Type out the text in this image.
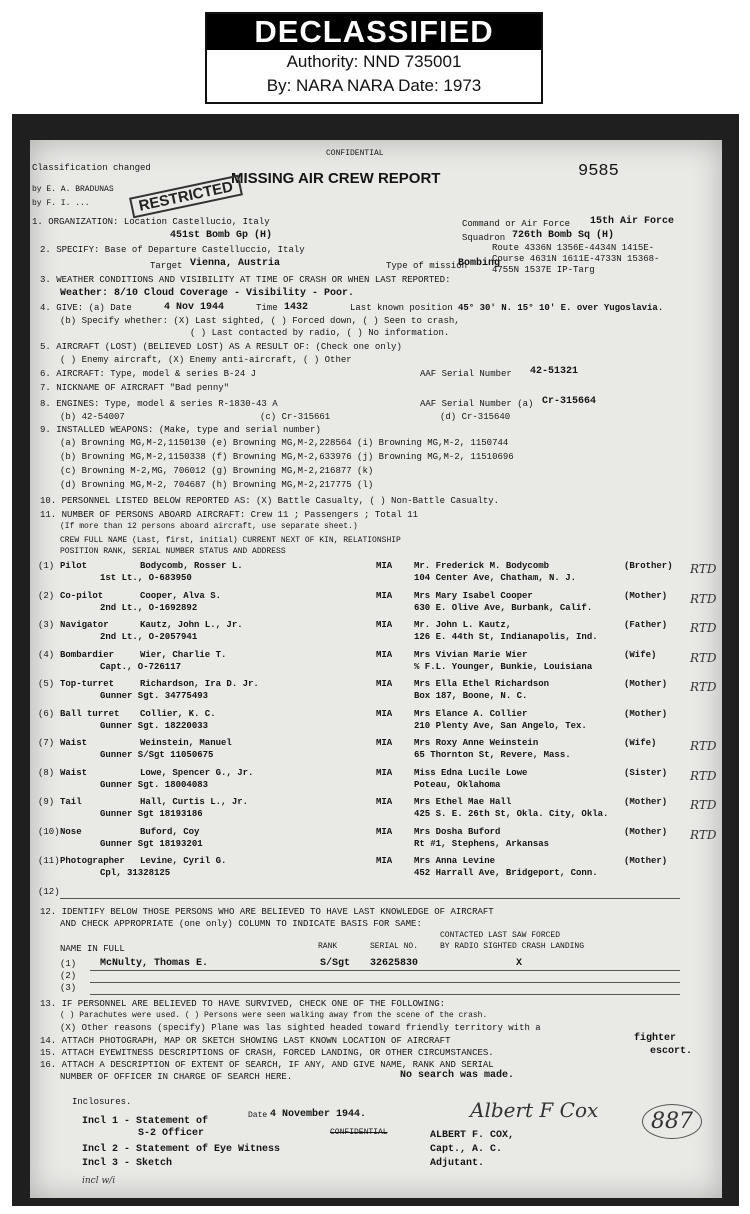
DECLASSIFIED
Authority: NND 735001
By: NARA NARA Date: 1973
CONFIDENTIAL
MISSING AIR CREW REPORT	9585
Classification changed
by E. A. BRADUNAS
by F. I. ...	RESTRICTED
1. ORGANIZATION: Location Castellucio, Italy	Command or Air Force 15th Air Force
451st Bomb Gp (H)	Squadron 726th Bomb Sq (H)
Route 4336N 1356E-4434N 1415E-
Course 4631N 1611E-4733N 15368-
4755N 1537E IP-Targ
2. SPECIFY: Base of Departure Castelluccio, Italy
Target Vienna, Austria	Type of mission
Bombing
3. WEATHER CONDITIONS AND VISIBILITY AT TIME OF CRASH OR WHEN LAST REPORTED:
Weather: 8/10 Cloud Coverage - Visibility - Poor.
4. GIVE: (a) Date	4 Nov 1944	Time 1432	Last known position 45° 30' N. 15° 10' E. over Yugoslavia.
(b) Specify whether: (X) Last sighted, ( ) Forced down, ( ) Seen to crash,
( ) Last contacted by radio, ( ) No information.
5. AIRCRAFT (LOST) (BELIEVED LOST) AS A RESULT OF: (Check one only)
( ) Enemy aircraft, (X) Enemy anti-aircraft, ( ) Other
6. AIRCRAFT: Type, model & series B-24 J	AAF Serial Number 42-51321
7. NICKNAME OF AIRCRAFT "Bad penny"
8. ENGINES: Type, model & series R-1830-43 A	AAF Serial Number (a) Cr-315664
(b) 42-54007	(c) Cr-315661	(d) Cr-315640
9. INSTALLED WEAPONS: (Make, type and serial number)
(a) Browning MG,M-2,1150130 (e) Browning MG,M-2,228564 (i) Browning MG,M-2, 1150744
(b) Browning MG,M-2,1150338 (f) Browning MG,M-2,633976 (j) Browning MG,M-2, 11510696
(c) Browning M-2,MG, 706012 (g) Browning MG,M-2,216877 (k)
(d) Browning MG,M-2, 704687 (h) Browning MG,M-2,217775 (l)
10. PERSONNEL LISTED BELOW REPORTED AS: (X) Battle Casualty, ( ) Non-Battle Casualty.
11. NUMBER OF PERSONS ABOARD AIRCRAFT: Crew 11 ; Passengers ; Total 11
(If more than 12 persons aboard aircraft, use separate sheet.)
CREW FULL NAME (Last, first, initial) CURRENT NEXT OF KIN, RELATIONSHIP
POSITION RANK, SERIAL NUMBER STATUS AND ADDRESS
(1) Pilot	Bodycomb, Rosser L.
1st Lt., O-683950
MIA Mr. Frederick M. Bodycomb	(Brother)
104 Center Ave, Chatham, N. J.
RTD
(2) Co-pilot	Cooper, Alva S.
2nd Lt., O-1692892
MIA Mrs Mary Isabel Cooper	(Mother)
630 E. Olive Ave, Burbank, Calif.
RTD
(3) Navigator	Kautz, John L., Jr.
2nd Lt., O-2057941
MIA Mr. John L. Kautz,	(Father)
126 E. 44th St, Indianapolis, Ind.
RTD
(4) Bombardier	Wier, Charlie T.
Capt., O-726117
MIA Mrs Vivian Marie Wier	(Wife)
% F.L. Younger, Bunkie, Louisiana
RTD
(5) Top-turret	Richardson, Ira D. Jr.
Gunner Sgt. 34775493
MIA Mrs Ella Ethel Richardson	(Mother)
Box 187, Boone, N. C.
RTD
(6) Ball turret Collier, K. C.
Gunner Sgt. 18220033
MIA Mrs Elance A. Collier	(Mother)
210 Plenty Ave, San Angelo, Tex.
(7) Waist	Weinstein, Manuel
Gunner S/Sgt 11050675
MIA Mrs Roxy Anne Weinstein	(Wife)
65 Thornton St, Revere, Mass.
RTD
(8) Waist	Lowe, Spencer G., Jr.
Gunner Sgt. 18004083
MIA Miss Edna Lucile Lowe	(Sister)
Poteau, Oklahoma
RTD
(9) Tail	Hall, Curtis L., Jr.
Gunner Sgt 18193186
MIA Mrs Ethel Mae Hall	(Mother)
425 S. E. 26th St, Okla. City, Okla.
RTD
(10) Nose	Buford, Coy
Gunner Sgt 18193201
MIA Mrs Dosha Buford	(Mother)
Rt #1, Stephens, Arkansas
RTD
(11) Photographer Levine, Cyril G.
Cpl, 31328125
MIA Mrs Anna Levine	(Mother)
452 Harrall Ave, Bridgeport, Conn.
(12)
12. IDENTIFY BELOW THOSE PERSONS WHO ARE BELIEVED TO HAVE LAST KNOWLEDGE OF AIRCRAFT
AND CHECK APPROPRIATE (one only) COLUMN TO INDICATE BASIS FOR SAME:
CONTACTED LAST SAW FORCED
BY RADIO SIGHTED CRASH LANDING
NAME IN FULL	RANK	SERIAL NO.
(1) McNulty, Thomas E.	S/Sgt 32625830	X
(2)
(3)
13. IF PERSONNEL ARE BELIEVED TO HAVE SURVIVED, CHECK ONE OF THE FOLLOWING:
( ) Parachutes were used. ( ) Persons were seen walking away from the scene of the crash.
(X) Other reasons (specify) Plane was las sighted headed toward friendly territory with a
14. ATTACH PHOTOGRAPH, MAP OR SKETCH SHOWING LAST KNOWN LOCATION OF AIRCRAFT	fighter
15. ATTACH EYEWITNESS DESCRIPTIONS OF CRASH, FORCED LANDING, OR OTHER CIRCUMSTANCES.	escort.
16. ATTACH A DESCRIPTION OF EXTENT OF SEARCH, IF ANY, AND GIVE NAME, RANK AND SERIAL
NUMBER OF OFFICER IN CHARGE OF SEARCH HERE.	No search was made.
Date 4 November 1944.
Inclosures.
Incl 1 - Statement of
S-2 Officer
Incl 2 - Statement of Eye Witness
Incl 3 - Sketch
CONFIDENTIAL
Albert F Cox
ALBERT F. COX,
Capt., A. C.
Adjutant.
887
incl w/i
